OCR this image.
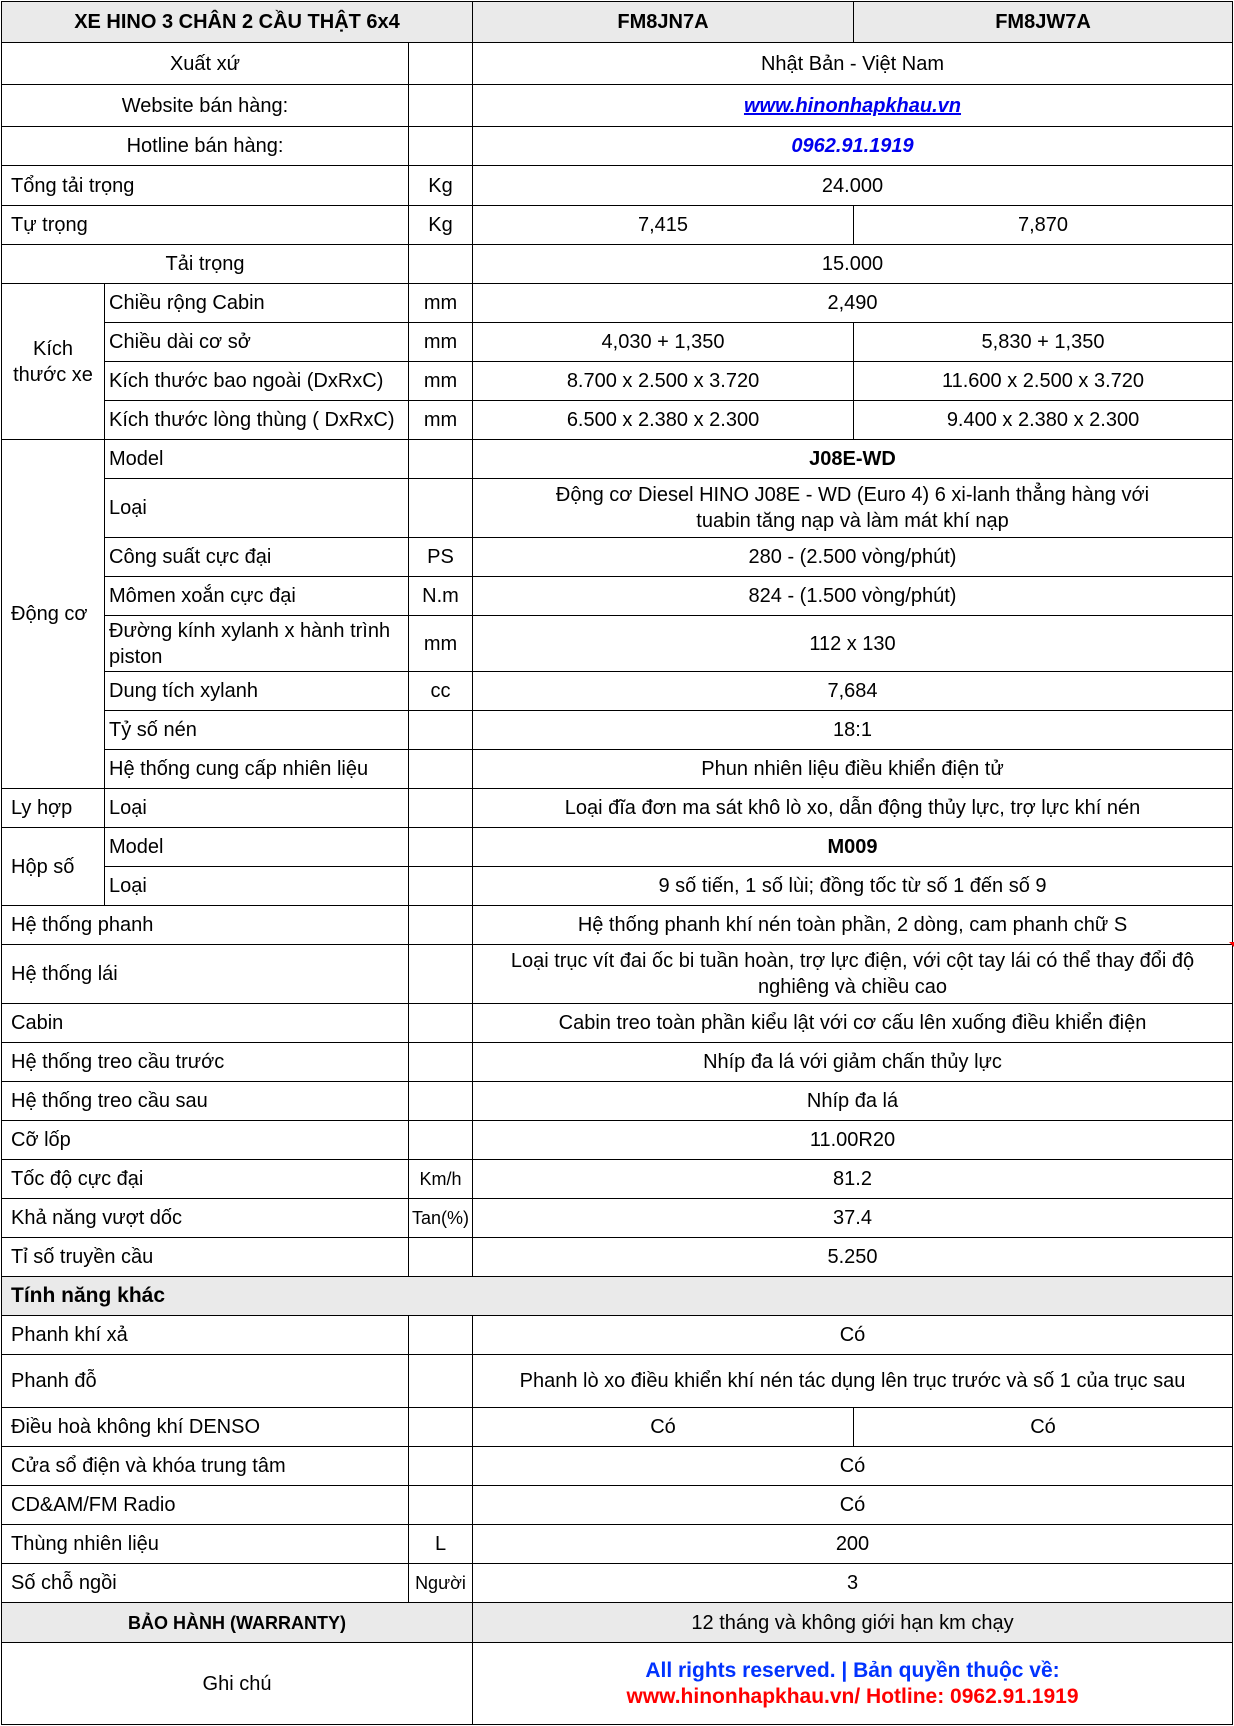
XE HINO 3 CHÂN 2 CẦU THẬT 6x4			FM8JN7A	FM8JW7A
Xuất xứ			Nhật Bản - Việt Nam	
Website bán hàng:			www.hinonhapkhau.vn	
Hotline bán hàng:			0962.91.1919	
Tổng tải trọng		Kg	24.000	
Tự trọng		Kg	7,415	7,870
Tải trọng			15.000	

Kích thước xe	Chiều rộng Cabin	mm	2,490	
	Chiều dài cơ sở	mm	4,030 + 1,350	5,830 + 1,350
	Kích thước bao ngoài (DxRxC)	mm	8.700 x 2.500 x 3.720	11.600 x 2.500 x 3.720
	Kích thước lòng thùng ( DxRxC)	mm	6.500 x 2.380 x 2.300	9.400 x 2.380 x 2.300
Động cơ	Model		J08E-WD	
	Loại		Động cơ Diesel HINO J08E - WD (Euro 4) 6 xi-lanh thẳng hàng với
tuabin tăng nạp và làm mát khí nạp	

	Công suất cực đại	PS	280 - (2.500 vòng/phút)	
	Mômen xoắn cực đại	N.m	824 - (1.500 vòng/phút)	

	Đường kính xylanh x hành trình
piston	mm	112 x 130	
	Dung tích xylanh	cc	7,684	
	Tỷ số nén		18:1	
	Hệ thống cung cấp nhiên liệu		Phun nhiên liệu điều khiển điện tử	
Ly hợp	Loại		Loại đĩa đơn ma sát khô lò xo, dẫn động thủy lực, trợ lực khí nén	
Hộp số	Model		M009	
	Loại		9 số tiến, 1 số lùi; đồng tốc từ số 1 đến số 9	
Hệ thống phanh			Hệ thống phanh khí nén toàn phần, 2 dòng, cam phanh chữ S	
Hệ thống lái			Loại trục vít đai ốc bi tuần hoàn, trợ lực điện, với cột tay lái có thể thay đổi độ
nghiêng và chiều cao	

Cabin			Cabin treo toàn phần kiểu lật với cơ cấu lên xuống điều khiển điện	
Hệ thống treo cầu trước			Nhíp đa lá với giảm chấn thủy lực	
Hệ thống treo cầu sau			Nhíp đa lá	
Cỡ lốp			11.00R20	
Tốc độ cực đại		Km/h	81.2	
Khả năng vượt dốc		Tan(%)	37.4	
Tỉ số truyền cầu			5.250	
Tính năng khác				
Phanh khí xả			Có	
Phanh đỗ			Phanh lò xo điều khiển khí nén tác dụng lên trục trước và số 1 của trục sau	
Điều hoà không khí DENSO			Có	Có
Cửa sổ điện và khóa trung tâm			Có	
CD&AM/FM Radio			Có	
Thùng nhiên liệu		L	200	
Số chỗ ngồi		Người	3	
BẢO HÀNH (WARRANTY)			12 tháng và không giới hạn km chạy	
Ghi chú			All rights reserved. | Bản quyền thuộc về:
www.hinonhapkhau.vn/ Hotline: 0962.91.1919	
